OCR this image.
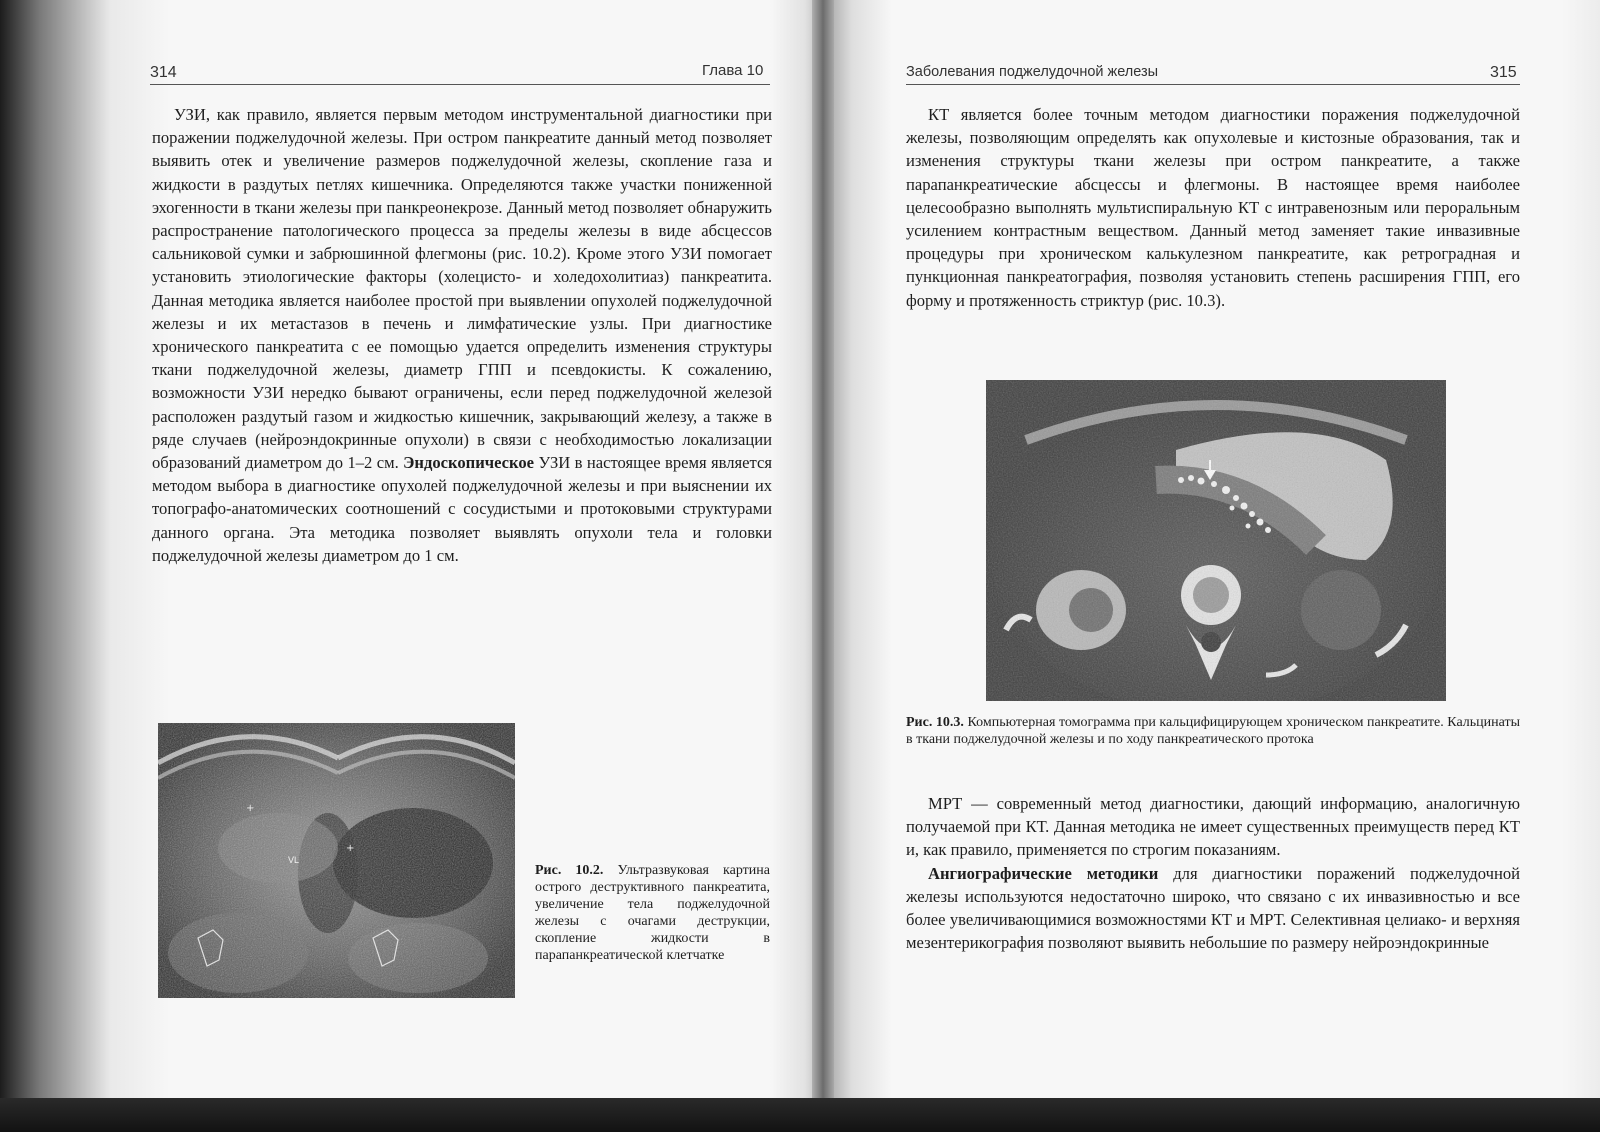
314	Глава 10

УЗИ, как правило, является первым методом инструментальной диагностики при поражении поджелудочной железы. При остром панкреатите данный метод позволяет выявить отек и увеличение размеров поджелудочной железы, скопление газа и жидкости в раздутых петлях кишечника. Определяются также участки пониженной эхогенности в ткани железы при панкреонекрозе. Данный метод позволяет обнаружить распространение патологического процесса за пределы железы в виде абсцессов сальниковой сумки и забрюшинной флегмоны (рис. 10.2). Кроме этого УЗИ помогает установить этиологические факторы (холецисто- и холедохолитиаз) панкреатита. Данная методика является наиболее простой при выявлении опухолей поджелудочной железы и их метастазов в печень и лимфатические узлы. При диагностике хронического панкреатита с ее помощью удается определить изменения структуры ткани поджелудочной железы, диаметр ГПП и псевдокисты. К сожалению, возможности УЗИ нередко бывают ограничены, если перед поджелудочной железой расположен раздутый газом и жидкостью кишечник, закрывающий железу, а также в ряде случаев (нейроэндокринные опухоли) в связи с необходимостью локализации образований диаметром до 1–2 см. Эндоскопическое УЗИ в настоящее время является методом выбора в диагностике опухолей поджелудочной железы и при выяснении их топографо-анатомических соотношений с сосудистыми и протоковыми структурами данного органа. Эта методика позволяет выявлять опухоли тела и головки поджелудочной железы диаметром до 1 см.

VL
+
+
Рис. 10.2. Ультразвуковая картина острого деструктивного панкреатита, увеличение тела поджелудочной железы с очагами деструкции, скопление жидкости в парапанкреатической клетчатке
Заболевания поджелудочной железы	315

КТ является более точным методом диагностики поражения поджелудочной железы, позволяющим определять как опухолевые и кистозные образования, так и изменения структуры ткани железы при остром панкреатите, а также парапанкреатические абсцессы и флегмоны. В настоящее время наиболее целесообразно выполнять мультиспиральную КТ с интравенозным или пероральным усилением контрастным веществом. Данный метод заменяет такие инвазивные процедуры при хроническом калькулезном панкреатите, как ретроградная и пункционная панкреатография, позволяя установить степень расширения ГПП, его форму и протяженность стриктур (рис. 10.3).

Рис. 10.3. Компьютерная томограмма при кальцифицирующем хроническом панкреатите. Кальцинаты в ткани поджелудочной железы и по ходу панкреатического протока

МРТ — современный метод диагностики, дающий информацию, аналогичную получаемой при КТ. Данная методика не имеет существенных преимуществ перед КТ и, как правило, применяется по строгим показаниям.

Ангиографические методики для диагностики поражений поджелудочной железы используются недостаточно широко, что связано с их инвазивностью и все более увеличивающимися возможностями КТ и МРТ. Селективная целиако- и верхняя мезентерикография позволяют выявить небольшие по размеру нейроэндокринные
